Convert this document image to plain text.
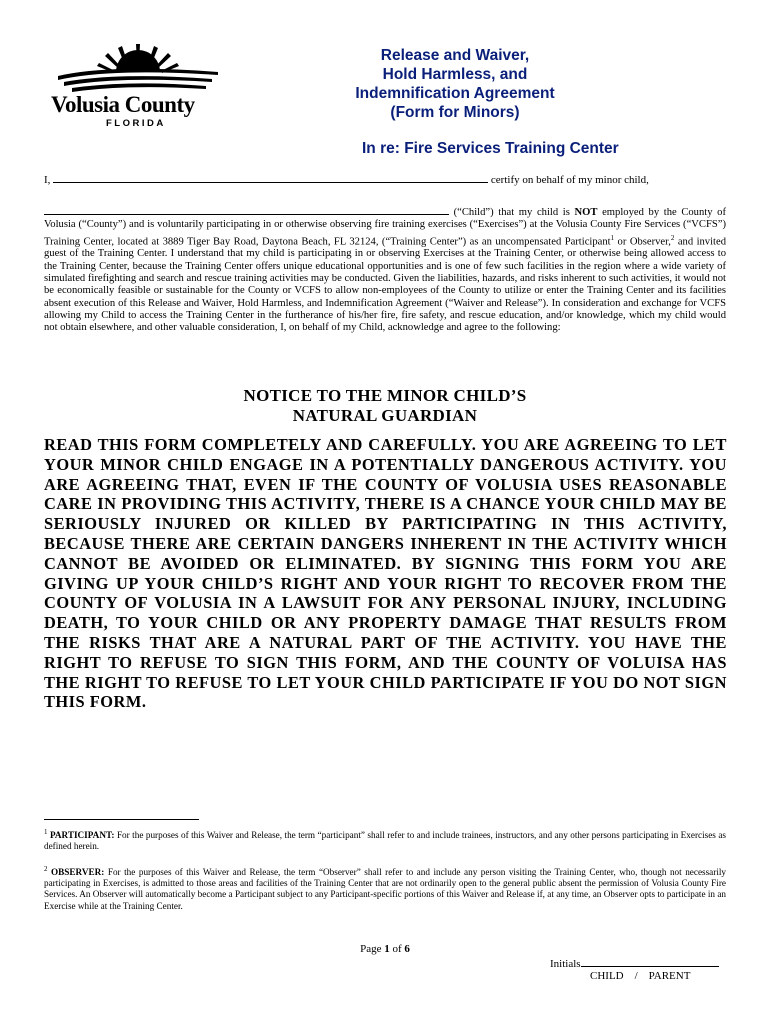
Volusia County
FLORIDA
Release and Waiver,
Hold Harmless, and
Indemnification Agreement
(Form for Minors)
In re: Fire Services Training Center
I,	certify on behalf of my minor child,
(“Child”) that my child is NOT employed by the County of Volusia (“County”) and is voluntarily participating in or otherwise observing fire training exercises (“Exercises”) at the Volusia County Fire Services (“VCFS”) Training Center, located at 3889 Tiger Bay Road, Daytona Beach, FL 32124, (“Training Center”) as an uncompensated Participant$^1$ or Observer,$^2$ and invited guest of the Training Center. I understand that my child is participating in or observing Exercises at the Training Center, or otherwise being allowed access to the Training Center, because the Training Center offers unique educational opportunities and is one of few such facilities in the region where a wide variety of simulated firefighting and search and rescue training activities may be conducted. Given the liabilities, hazards, and risks inherent to such activities, it would not be economically feasible or sustainable for the County or VCFS to allow non-employees of the County to utilize or enter the Training Center and its facilities absent execution of this Release and Waiver, Hold Harmless, and Indemnification Agreement (“Waiver and Release”). In consideration and exchange for VCFS allowing my Child to access the Training Center in the furtherance of his/her fire, fire safety, and rescue education, and/or knowledge, which my child would not obtain elsewhere, and other valuable consideration, I, on behalf of my Child, acknowledge and agree to the following:
NOTICE TO THE MINOR CHILD’S
NATURAL GUARDIAN
READ THIS FORM COMPLETELY AND CAREFULLY. YOU ARE AGREEING TO LET YOUR MINOR CHILD ENGAGE IN A POTENTIALLY DANGEROUS ACTIVITY. YOU ARE AGREEING THAT, EVEN IF THE COUNTY OF VOLUSIA USES REASONABLE CARE IN PROVIDING THIS ACTIVITY, THERE IS A CHANCE YOUR CHILD MAY BE SERIOUSLY INJURED OR KILLED BY PARTICIPATING IN THIS ACTIVITY, BECAUSE THERE ARE CERTAIN DANGERS INHERENT IN THE ACTIVITY WHICH CANNOT BE AVOIDED OR ELIMINATED. BY SIGNING THIS FORM YOU ARE GIVING UP YOUR CHILD’S RIGHT AND YOUR RIGHT TO RECOVER FROM THE COUNTY OF VOLUSIA IN A LAWSUIT FOR ANY PERSONAL INJURY, INCLUDING DEATH, TO YOUR CHILD OR ANY PROPERTY DAMAGE THAT RESULTS FROM THE RISKS THAT ARE A NATURAL PART OF THE ACTIVITY. YOU HAVE THE RIGHT TO REFUSE TO SIGN THIS FORM, AND THE COUNTY OF VOLUISA HAS THE RIGHT TO REFUSE TO LET YOUR CHILD PARTICIPATE IF YOU DO NOT SIGN THIS FORM.
$^1$ PARTICIPANT: For the purposes of this Waiver and Release, the term “participant” shall refer to and include trainees, instructors, and any other persons participating in Exercises as defined herein.
$^2$ OBSERVER: For the purposes of this Waiver and Release, the term “Observer” shall refer to and include any person visiting the Training Center, who, though not necessarily participating in Exercises, is admitted to those areas and facilities of the Training Center that are not ordinarily open to the general public absent the permission of Volusia County Fire Services. An Observer will automatically become a Participant subject to any Participant-specific portions of this Waiver and Release if, at any time, an Observer opts to participate in an Exercise while at the Training Center.
Page 1 of 6
Initials
CHILD    /    PARENT
